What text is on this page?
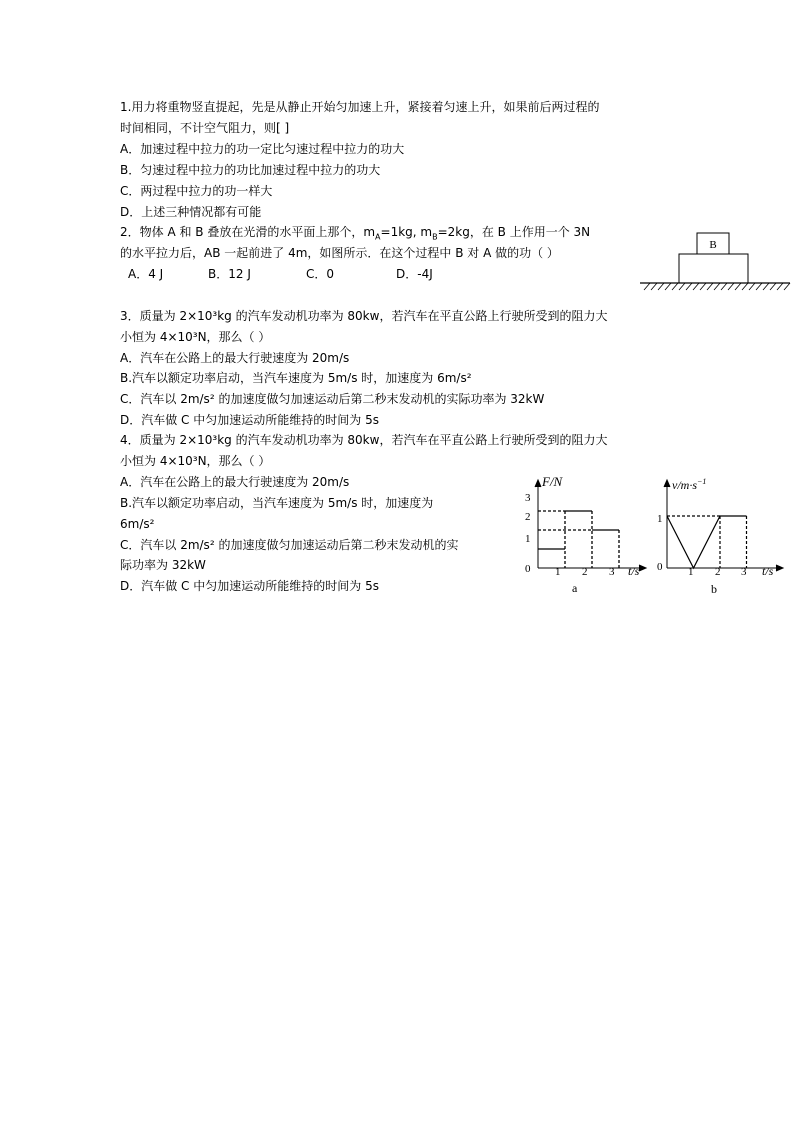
1.用力将重物竖直提起，先是从静止开始匀加速上升，紧接着匀速上升，如果前后两过程的
时间相同，不计空气阻力，则[ ]
A．加速过程中拉力的功一定比匀速过程中拉力的功大
B．匀速过程中拉力的功比加速过程中拉力的功大
C．两过程中拉力的功一样大
D．上述三种情况都有可能
2．物体 A 和 B 叠放在光滑的水平面上那个，$m_A=1kg$, $m_B=2kg$，在 B 上作用一个 3N
的水平拉力后，AB 一起前进了 4m，如图所示．在这个过程中 B 对 A 做的功（ ）
A．4 J	B．12 J	C．0	D．-4J
B
3．质量为 2×10³kg 的汽车发动机功率为 80kw，若汽车在平直公路上行驶所受到的阻力大
小恒为 4×10³N，那么（ ）
A．汽车在公路上的最大行驶速度为 20m/s
B.汽车以额定功率启动，当汽车速度为 5m/s 时，加速度为 6m/s²
C．汽车以 2m/s² 的加速度做匀加速运动后第二秒末发动机的实际功率为 32kW
D．汽车做 C 中匀加速运动所能维持的时间为 5s
4．质量为 2×10³kg 的汽车发动机功率为 80kw，若汽车在平直公路上行驶所受到的阻力大
小恒为 4×10³N，那么（ ）
A．汽车在公路上的最大行驶速度为 20m/s
B.汽车以额定功率启动，当汽车速度为 5m/s 时，加速度为
6m/s²
C．汽车以 2m/s² 的加速度做匀加速运动后第二秒末发动机的实
际功率为 32kW
D．汽车做 C 中匀加速运动所能维持的时间为 5s
F/N
0
1
2
3
1 2 3 t/s
a
$v/m\cdot s^{-1}$
0
1
1 2 3 t/s
b
